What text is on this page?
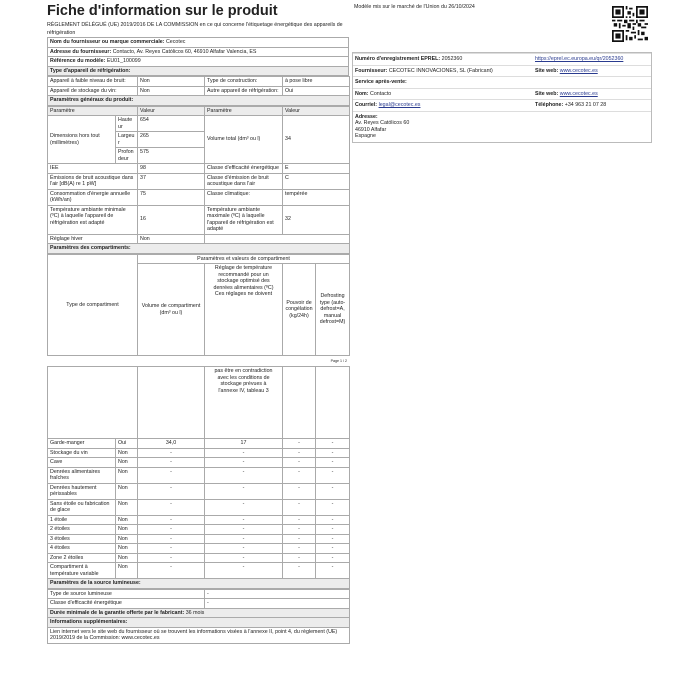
Fiche d'information sur le produit
RÈGLEMENT DÉLÉGUÉ (UE) 2019/2016 DE LA COMMISSION en ce qui concerne l'étiquetage énergétique des appareils de réfrigération
Nom du fournisseur ou marque commerciale: Cecotec
Adresse du fournisseur: Contacto, Av. Reyes Católicos 60, 46910 Alfafar Valencia, ES
Référence du modèle: EU01_100099
Type d'appareil de réfrigération:
Appareil à faible niveau de bruit:	Non	Type de construction:	à pose libre
Appareil de stockage du vin:	Non	Autre appareil de réfrigération:	Oui
Paramètres généraux du produit:			
Paramètre		Valeur	Paramètre	Valeur
Dimensions hors tout (millimètres)	Hauteur	654	Volume total (dm³ ou l)	34
	Largeur	265		
	Profondeur	575		
IEE		98	Classe d'efficacité énergétique	E
Émissions de bruit acoustique dans l'air [dB(A) re 1 pW]		37	Classe d'émission de bruit acoustique dans l'air	C
Consommation d'énergie annuelle (kWh/an)		75	Classe climatique:	tempérée
Température ambiante minimale (ºC) à laquelle l'appareil de réfrigération est adapté		16	Température ambiante maximale (ºC) à laquelle l'appareil de réfrigération est adapté	32
Réglage hiver		Non		
Paramètres des compartiments:				
Type de compartiment	Paramètres et valeurs de compartiment			
	Volume de compartiment (dm³ ou l)	Réglage de température recommandé pour un stockage optimisé des denrées alimentaires (ºC) Ces réglages ne doivent	Pouvoir de congélation (kg/24h)	Defrosting type (auto-defrost=A, manual defrost=M)
Page 1 / 2
			pas être en contradiction avec les conditions de stockage prévues à l'annexe IV, tableau 3		
Garde-manger	Oui	34,0	17	-	-
Stockage du vin	Non	-	-	-	-
Cave	Non	-	-	-	-
Denrées alimentaires fraîches	Non	-	-	-	-
Denrées hautement périssables	Non	-	-	-	-
Sans étoile ou fabrication de glace	Non	-	-	-	-
1 étoile	Non	-	-	-	-
2 étoiles	Non	-	-	-	-
3 étoiles	Non	-	-	-	-
4 étoiles	Non	-	-	-	-
Zone 2 étoiles	Non	-	-	-	-
Compartiment à température variable	Non	-	-	-	-
Paramètres de la source lumineuse:					
Type de source lumineuse	-
Classe d'efficacité énergétique	-
Durée minimale de la garantie offerte par le fabricant: 36 mois	
Informations supplémentaires:	
Lien internet vers le site web du fournisseur où se trouvent les informations visées à l'annexe II, point 4, du règlement (UE) 2019/2019 de la Commission: www.cecotec.es	
Modèle mis sur le marché de l'Union du 26/10/2024
Numéro d'enregistrement EPREL: 2052360	https://eprel.ec.europa.eu/qr/2052360
Fournisseur: CECOTEC INNOVACIONES, SL (Fabricant)	Site web: www.cecotec.es
Service après-vente:
Nom: Contacto	Site web: www.cecotec.es
Courriel: legal@cecotec.es	Téléphone: +34 963 21 07 28
Adresse:
Av. Reyes Católicos 60
46910 Alfafar
Espagne
